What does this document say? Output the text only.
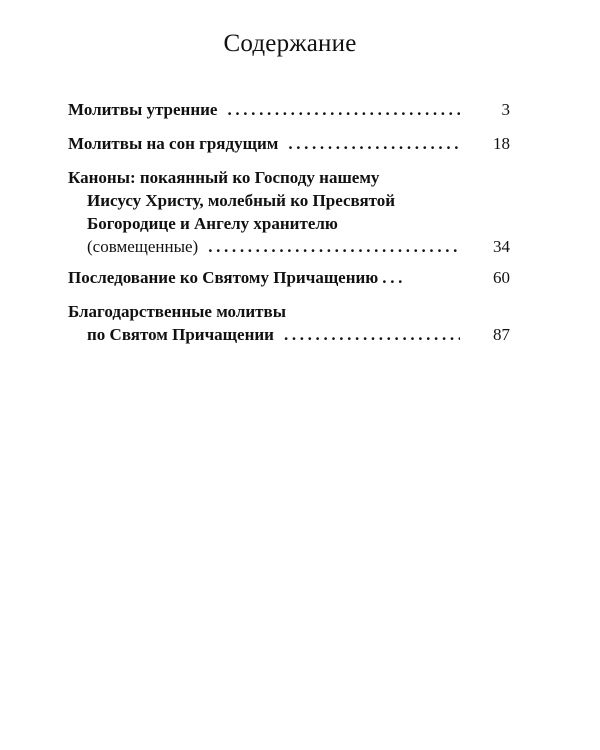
Содержание
Молитвы утренние . . .	3
Молитвы на сон грядущим . . .	18
Каноны: покаянный ко Господу нашему
Иисусу Христу, молебный ко Пресвятой
Богородице и Ангелу хранителю
(совмещенные) . . .	34
Последование ко Святому Причащению . . .	60
Благодарственные молитвы
по Святом Причащении . . .	87
